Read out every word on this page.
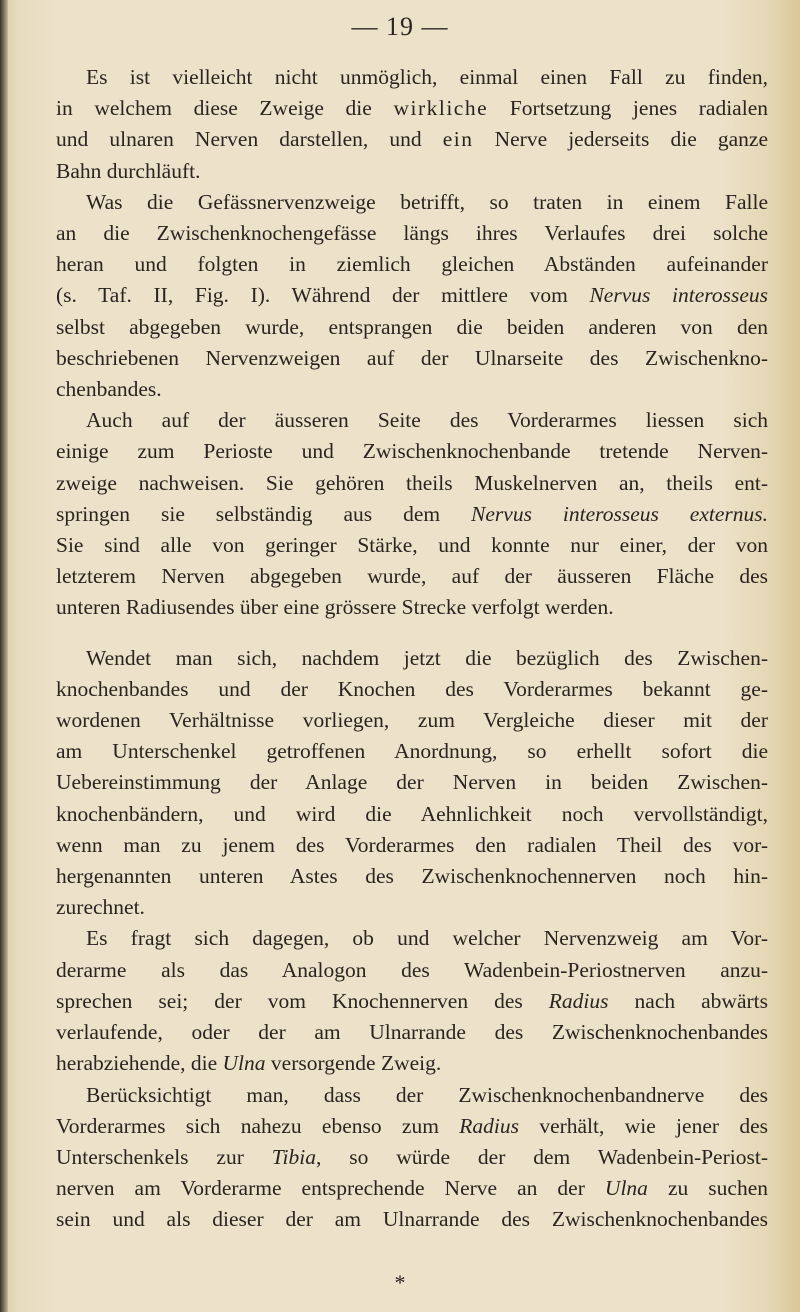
— 19 —
Es ist vielleicht nicht unmöglich, einmal einen Fall zu finden,
in welchem diese Zweige die wirkliche Fortsetzung jenes radialen
und ulnaren Nerven darstellen, und ein Nerve jederseits die ganze
Bahn durchläuft.
Was die Gefässnervenzweige betrifft, so traten in einem Falle
an die Zwischenknochengefässe längs ihres Verlaufes drei solche
heran und folgten in ziemlich gleichen Abständen aufeinander
(s. Taf. II, Fig. I). Während der mittlere vom Nervus interosseus
selbst abgegeben wurde, entsprangen die beiden anderen von den
beschriebenen Nervenzweigen auf der Ulnarseite des Zwischenkno-
chenbandes.
Auch auf der äusseren Seite des Vorderarmes liessen sich
einige zum Perioste und Zwischenknochenbande tretende Nerven-
zweige nachweisen. Sie gehören theils Muskelnerven an, theils ent-
springen sie selbständig aus dem Nervus interosseus externus.
Sie sind alle von geringer Stärke, und konnte nur einer, der von
letzterem Nerven abgegeben wurde, auf der äusseren Fläche des
unteren Radiusendes über eine grössere Strecke verfolgt werden.
Wendet man sich, nachdem jetzt die bezüglich des Zwischen-
knochenbandes und der Knochen des Vorderarmes bekannt ge-
wordenen Verhältnisse vorliegen, zum Vergleiche dieser mit der
am Unterschenkel getroffenen Anordnung, so erhellt sofort die
Uebereinstimmung der Anlage der Nerven in beiden Zwischen-
knochenbändern, und wird die Aehnlichkeit noch vervollständigt,
wenn man zu jenem des Vorderarmes den radialen Theil des vor-
hergenannten unteren Astes des Zwischenknochennerven noch hin-
zurechnet.
Es fragt sich dagegen, ob und welcher Nervenzweig am Vor-
derarme als das Analogon des Wadenbein-Periostnerven anzu-
sprechen sei; der vom Knochennerven des Radius nach abwärts
verlaufende, oder der am Ulnarrande des Zwischenknochenbandes
herabziehende, die Ulna versorgende Zweig.
Berücksichtigt man, dass der Zwischenknochenbandnerve des
Vorderarmes sich nahezu ebenso zum Radius verhält, wie jener des
Unterschenkels zur Tibia, so würde der dem Wadenbein-Periost-
nerven am Vorderarme entsprechende Nerve an der Ulna zu suchen
sein und als dieser der am Ulnarrande des Zwischenknochenbandes
*
